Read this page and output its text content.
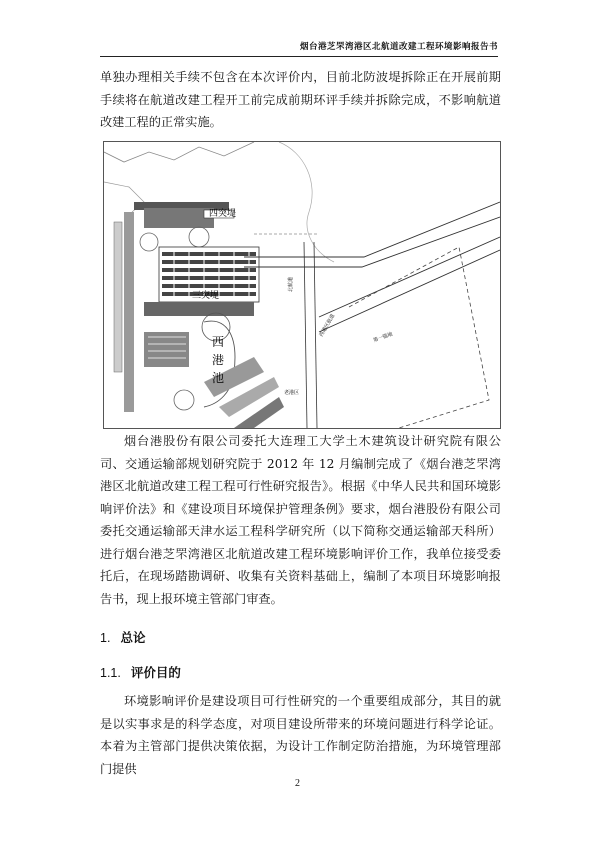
烟台港芝罘湾港区北航道改建工程环境影响报告书

单独办理相关手续不包含在本次评价内，目前北防波堤拆除正在开展前期手续将在航道改建工程开工前完成前期环评手续并拆除完成，不影响航道改建工程的正常实施。

四突堤
三突堤
西
港
池
北航道
西港区航道	第一锚地
老港区

烟台港股份有限公司委托大连理工大学土木建筑设计研究院有限公司、交通运输部规划研究院于 2012 年 12 月编制完成了《烟台港芝罘湾港区北航道改建工程工程可行性研究报告》。根据《中华人民共和国环境影响评价法》和《建设项目环境保护管理条例》要求，烟台港股份有限公司委托交通运输部天津水运工程科学研究所（以下简称交通运输部天科所）进行烟台港芝罘湾港区北航道改建工程环境影响评价工作，我单位接受委托后，在现场踏勘调研、收集有关资料基础上，编制了本项目环境影响报告书，现上报环境主管部门审查。

1. 总论

1.1. 评价目的

环境影响评价是建设项目可行性研究的一个重要组成部分，其目的就是以实事求是的科学态度，对项目建设所带来的环境问题进行科学论证。本着为主管部门提供决策依据，为设计工作制定防治措施，为环境管理部门提供

2
